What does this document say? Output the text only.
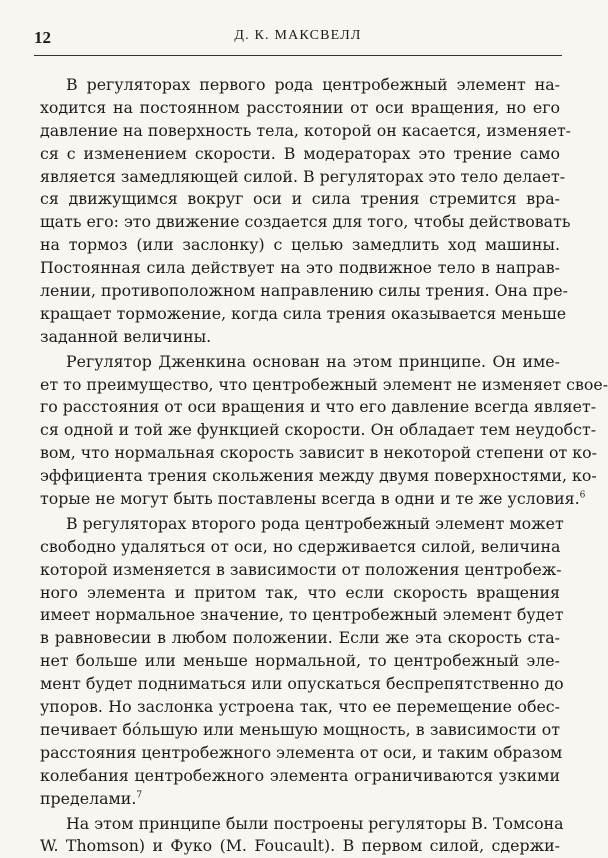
12	Д. К. МАКСВЕЛЛ
В регуляторах первого рода центробежный элемент на-
ходится на постоянном расстоянии от оси вращения, но его
давление на поверхность тела, которой он касается, изменяет-
ся с изменением скорости. В модераторах это трение само
является замедляющей силой. В регуляторах это тело делает-
ся движущимся вокруг оси и сила трения стремится вра-
щать его: это движение создается для того, чтобы действовать
на тормоз (или заслонку) с целью замедлить ход машины.
Постоянная сила действует на это подвижное тело в направ-
лении, противоположном направлению силы трения. Она пре-
кращает торможение, когда сила трения оказывается меньше
заданной величины.
Регулятор Дженкина основан на этом принципе. Он име-
ет то преимущество, что центробежный элемент не изменяет свое-
го расстояния от оси вращения и что его давление всегда являет-
ся одной и той же функцией скорости. Он обладает тем неудобст-
вом, что нормальная скорость зависит в некоторой степени от ко-
эффициента трения скольжения между двумя поверхностями, ко-
торые не могут быть поставлены всегда в одни и те же условия.$^6$
В регуляторах второго рода центробежный элемент может
свободно удаляться от оси, но сдерживается силой, величина
которой изменяется в зависимости от положения центробеж-
ного элемента и притом так, что если скорость вращения
имеет нормальное значение, то центробежный элемент будет
в равновесии в любом положении. Если же эта скорость ста-
нет больше или меньше нормальной, то центробежный эле-
мент будет подниматься или опускаться беспрепятственно до
упоров. Но заслонка устроена так, что ее перемещение обес-
печивает бо́льшую или меньшую мощность, в зависимости от
расстояния центробежного элемента от оси, и таким образом
колебания центробежного элемента ограничиваются узкими
пределами.$^7$
На этом принципе были построены регуляторы В. Томсона
W. Thomson) и Фуко (M. Foucault). В первом силой, сдержи-
